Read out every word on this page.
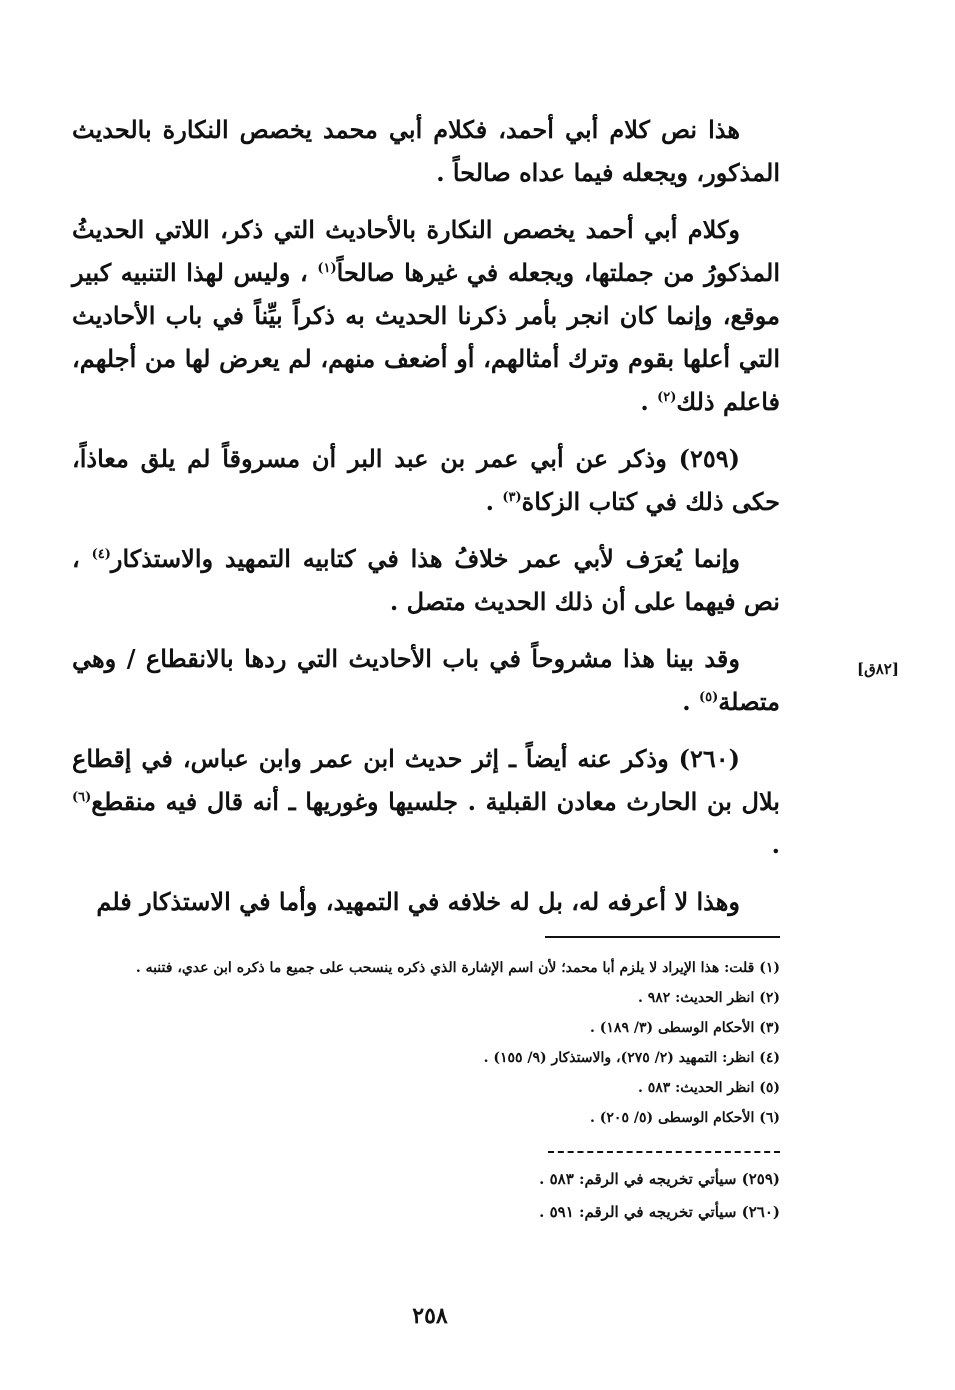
هذا نص كلام أبي أحمد، فكلام أبي محمد يخصص النكارة بالحديث المذكور، ويجعله فيما عداه صالحاً .

وكلام أبي أحمد يخصص النكارة بالأحاديث التي ذكر، اللاتي الحديثُ المذكورُ من جملتها، ويجعله في غيرها صالحاً$^{(١)}$ ، وليس لهذا التنبيه كبير موقع، وإنما كان انجر بأمر ذكرنا الحديث به ذكراً بيِّناً في باب الأحاديث التي أعلها بقوم وترك أمثالهم، أو أضعف منهم، لم يعرض لها من أجلهم، فاعلم ذلك$^{(٢)}$ .

(٢٥٩) وذكر عن أبي عمر بن عبد البر أن مسروقاً لم يلق معاذاً، حكى ذلك في كتاب الزكاة$^{(٣)}$ .

وإنما يُعرَف لأبي عمر خلافُ هذا في كتابيه التمهيد والاستذكار$^{(٤)}$ ، نص فيهما على أن ذلك الحديث متصل .

وقد بينا هذا مشروحاً في باب الأحاديث التي ردها بالانقطاع / وهي متصلة$^{(٥)}$ .

(٢٦٠) وذكر عنه أيضاً ـ إثر حديث ابن عمر وابن عباس، في إقطاع بلال بن الحارث معادن القبلية . جلسيها وغوريها ـ أنه قال فيه منقطع$^{(٦)}$ .

وهذا لا أعرفه له، بل له خلافه في التمهيد، وأما في الاستذكار فلم

[٨٢ق]
(١) قلت: هذا الإيراد لا يلزم أبا محمد؛ لأن اسم الإشارة الذي ذكره ينسحب على جميع ما ذكره ابن عدي، فتنبه .
(٢) انظر الحديث: ٩٨٢ .
(٣) الأحكام الوسطى (٣/ ١٨٩) .
(٤) انظر: التمهيد (٢/ ٢٧٥)، والاستذكار (٩/ ١٥٥) .
(٥) انظر الحديث: ٥٨٣ .
(٦) الأحكام الوسطى (٥/ ٢٠٥) .
(٢٥٩) سيأتي تخريجه في الرقم: ٥٨٣ .
(٢٦٠) سيأتي تخريجه في الرقم: ٥٩١ .
٢٥٨
